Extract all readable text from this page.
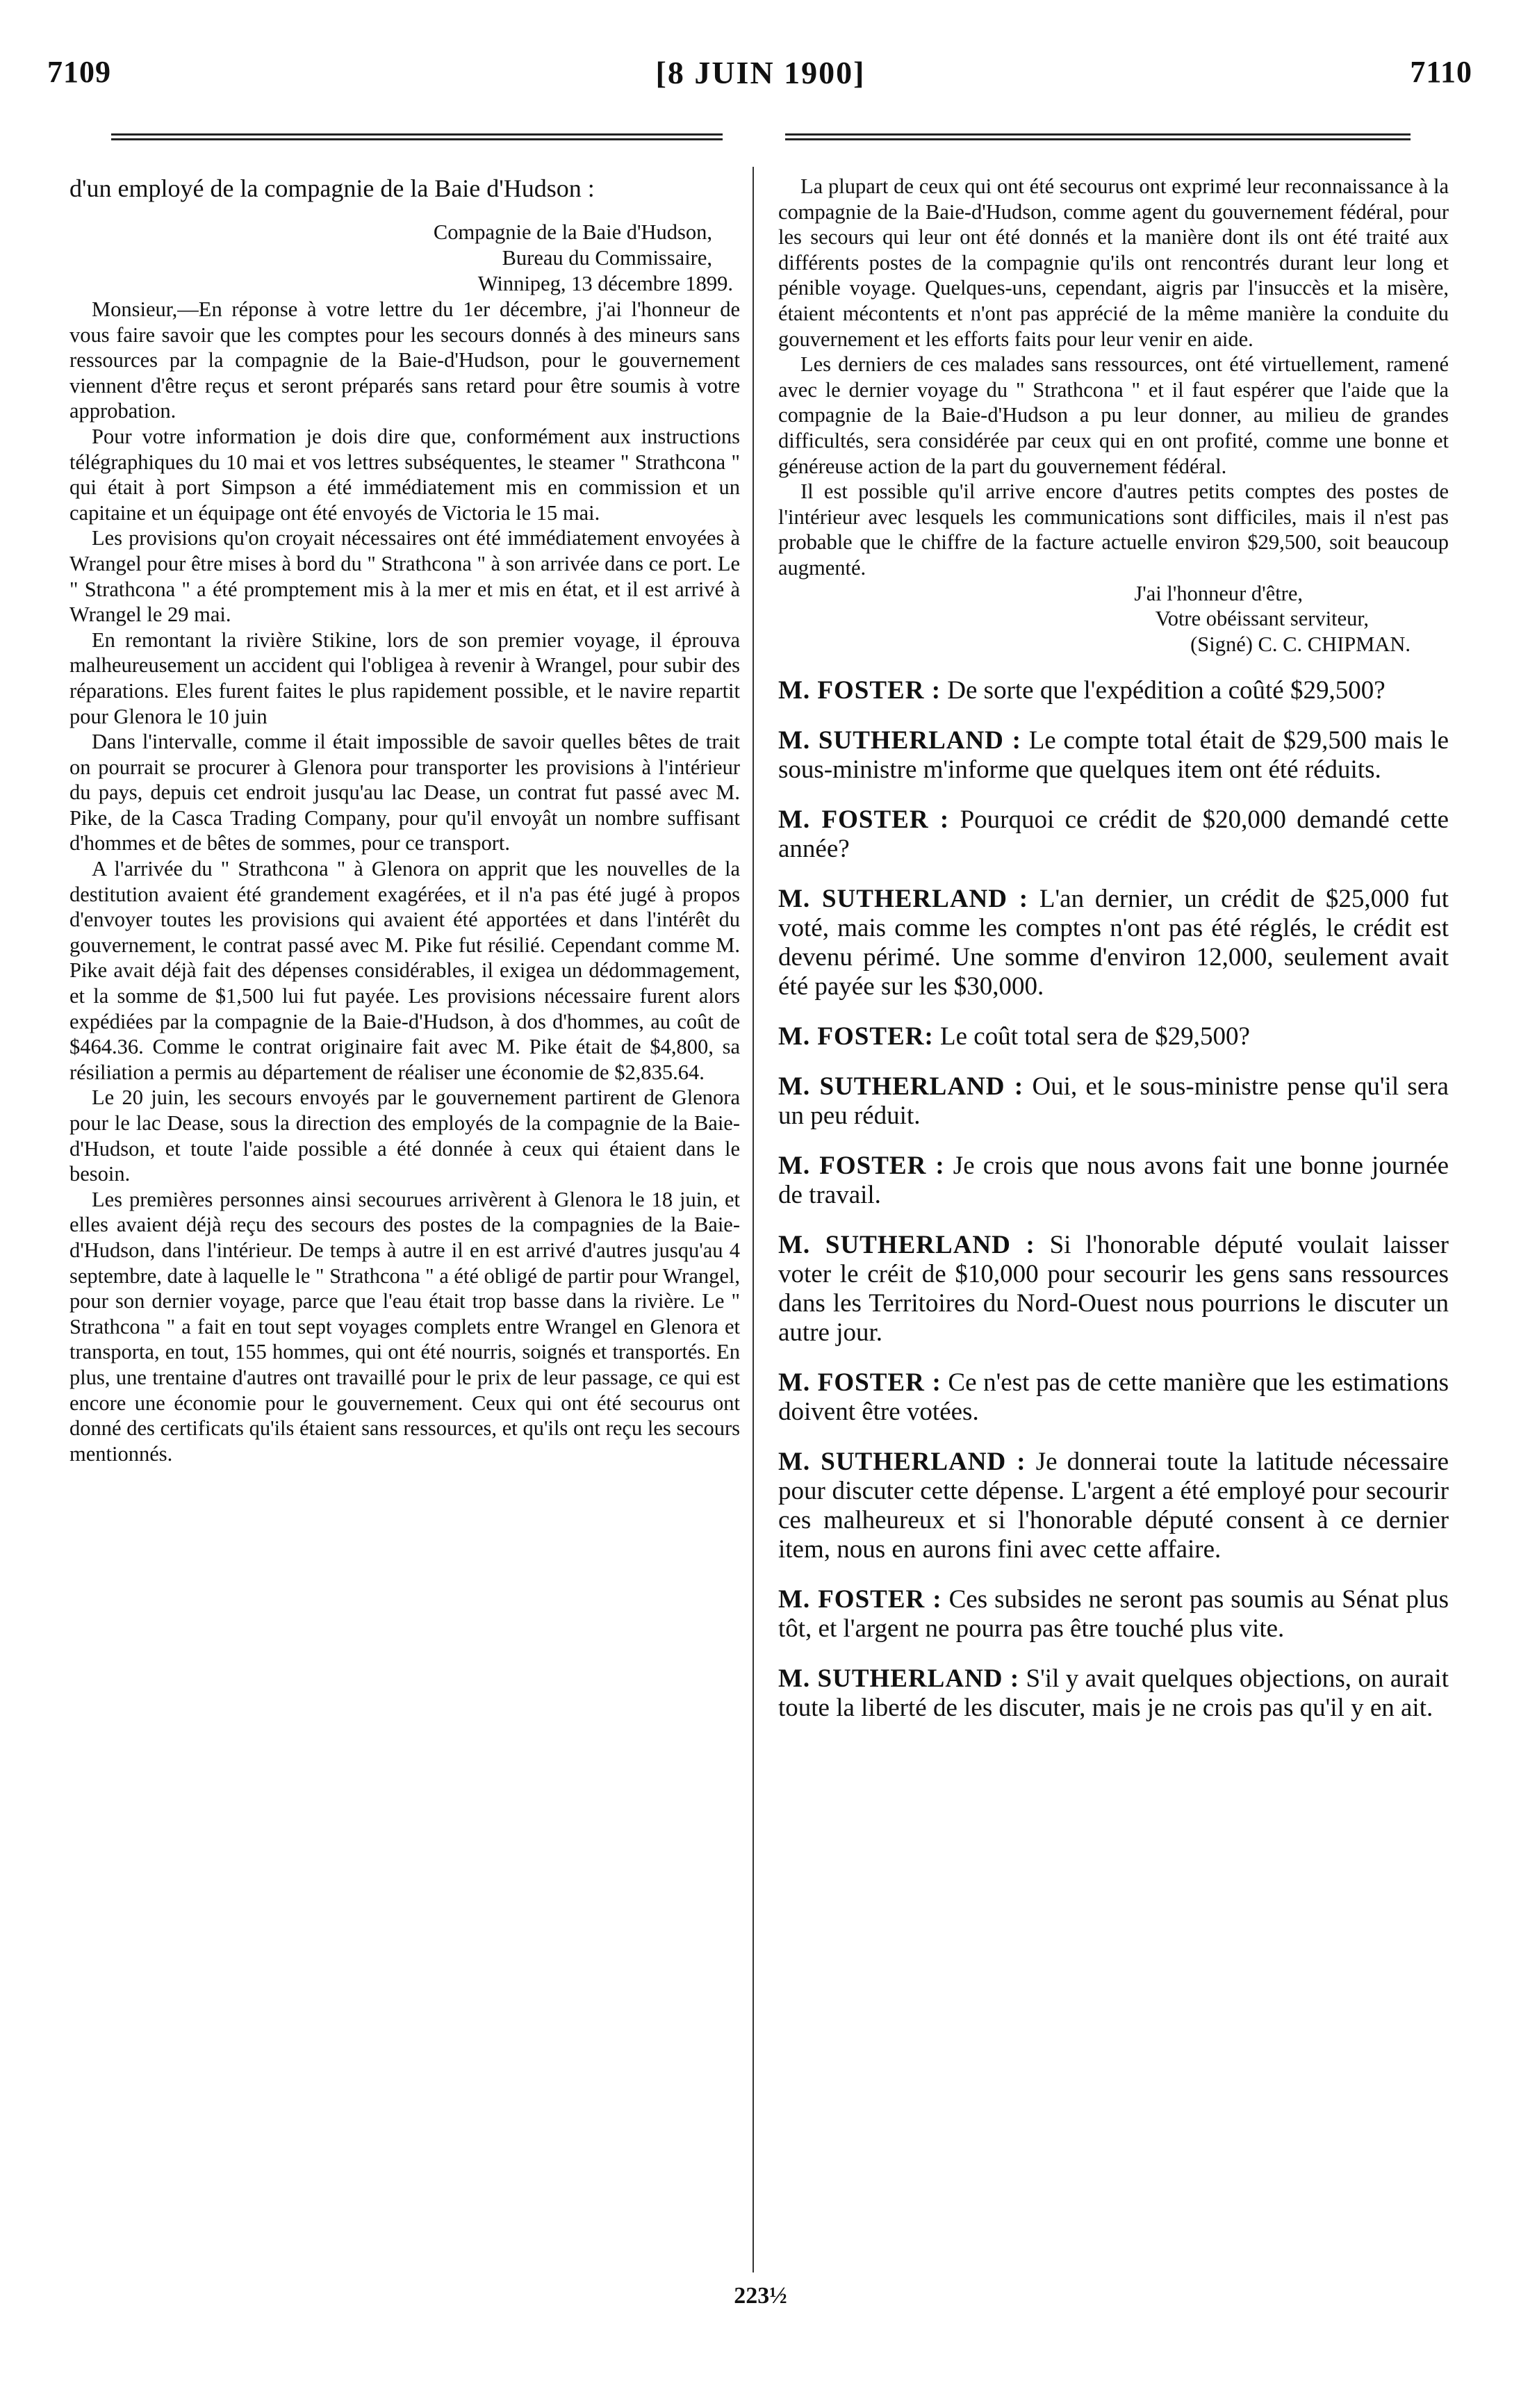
7109	[8 JUIN 1900]	7110

d'un employé de la compagnie de la Baie d'Hudson :

Compagnie de la Baie d'Hudson,

Bureau du Commissaire,

Winnipeg, 13 décembre 1899.

Monsieur,—En réponse à votre lettre du 1er décembre, j'ai l'honneur de vous faire savoir que les comptes pour les secours donnés à des mineurs sans ressources par la compagnie de la Baie-d'Hudson, pour le gouvernement viennent d'être reçus et seront préparés sans retard pour être soumis à votre approbation.

Pour votre information je dois dire que, conformément aux instructions télégraphiques du 10 mai et vos lettres subséquentes, le steamer " Strathcona " qui était à port Simpson a été immédiatement mis en commission et un capitaine et un équipage ont été envoyés de Victoria le 15 mai.

Les provisions qu'on croyait nécessaires ont été immédiatement envoyées à Wrangel pour être mises à bord du " Strathcona " à son arrivée dans ce port. Le " Strathcona " a été promptement mis à la mer et mis en état, et il est arrivé à Wrangel le 29 mai.

En remontant la rivière Stikine, lors de son premier voyage, il éprouva malheureusement un accident qui l'obligea à revenir à Wrangel, pour subir des réparations. Eles furent faites le plus rapidement possible, et le navire repartit pour Glenora le 10 juin

Dans l'intervalle, comme il était impossible de savoir quelles bêtes de trait on pourrait se procurer à Glenora pour transporter les provisions à l'intérieur du pays, depuis cet endroit jusqu'au lac Dease, un contrat fut passé avec M. Pike, de la Casca Trading Company, pour qu'il envoyât un nombre suffisant d'hommes et de bêtes de sommes, pour ce transport.

A l'arrivée du " Strathcona " à Glenora on apprit que les nouvelles de la destitution avaient été grandement exagérées, et il n'a pas été jugé à propos d'envoyer toutes les provisions qui avaient été apportées et dans l'intérêt du gouvernement, le contrat passé avec M. Pike fut résilié. Cependant comme M. Pike avait déjà fait des dépenses considérables, il exigea un dédommagement, et la somme de $1,500 lui fut payée. Les provisions nécessaire furent alors expédiées par la compagnie de la Baie-d'Hudson, à dos d'hommes, au coût de $464.36. Comme le contrat originaire fait avec M. Pike était de $4,800, sa résiliation a permis au département de réaliser une économie de $2,835.64.

Le 20 juin, les secours envoyés par le gouvernement partirent de Glenora pour le lac Dease, sous la direction des employés de la compagnie de la Baie-d'Hudson, et toute l'aide possible a été donnée à ceux qui étaient dans le besoin.

Les premières personnes ainsi secourues arrivèrent à Glenora le 18 juin, et elles avaient déjà reçu des secours des postes de la compagnies de la Baie-d'Hudson, dans l'intérieur. De temps à autre il en est arrivé d'autres jusqu'au 4 septembre, date à laquelle le " Strathcona " a été obligé de partir pour Wrangel, pour son dernier voyage, parce que l'eau était trop basse dans la rivière. Le " Strathcona " a fait en tout sept voyages complets entre Wrangel en Glenora et transporta, en tout, 155 hommes, qui ont été nourris, soignés et transportés. En plus, une trentaine d'autres ont travaillé pour le prix de leur passage, ce qui est encore une économie pour le gouvernement. Ceux qui ont été secourus ont donné des certificats qu'ils étaient sans ressources, et qu'ils ont reçu les secours mentionnés.

La plupart de ceux qui ont été secourus ont exprimé leur reconnaissance à la compagnie de la Baie-d'Hudson, comme agent du gouvernement fédéral, pour les secours qui leur ont été donnés et la manière dont ils ont été traité aux différents postes de la compagnie qu'ils ont rencontrés durant leur long et pénible voyage. Quelques-uns, cependant, aigris par l'insuccès et la misère, étaient mécontents et n'ont pas apprécié de la même manière la conduite du gouvernement et les efforts faits pour leur venir en aide.

Les derniers de ces malades sans ressources, ont été virtuellement, ramené avec le dernier voyage du " Strathcona " et il faut espérer que l'aide que la compagnie de la Baie-d'Hudson a pu leur donner, au milieu de grandes difficultés, sera considérée par ceux qui en ont profité, comme une bonne et généreuse action de la part du gouvernement fédéral.

Il est possible qu'il arrive encore d'autres petits comptes des postes de l'intérieur avec lesquels les communications sont difficiles, mais il n'est pas probable que le chiffre de la facture actuelle environ $29,500, soit beaucoup augmenté.

J'ai l'honneur d'être,

Votre obéissant serviteur,

(Signé) C. C. CHIPMAN.

M. FOSTER : De sorte que l'expédition a coûté $29,500?

M. SUTHERLAND : Le compte total était de $29,500 mais le sous-ministre m'informe que quelques item ont été réduits.

M. FOSTER : Pourquoi ce crédit de $20,000 demandé cette année?

M. SUTHERLAND : L'an dernier, un crédit de $25,000 fut voté, mais comme les comptes n'ont pas été réglés, le crédit est devenu périmé. Une somme d'environ 12,000, seulement avait été payée sur les $30,000.

M. FOSTER: Le coût total sera de $29,500?

M. SUTHERLAND : Oui, et le sous-ministre pense qu'il sera un peu réduit.

M. FOSTER : Je crois que nous avons fait une bonne journée de travail.

M. SUTHERLAND : Si l'honorable député voulait laisser voter le créit de $10,000 pour secourir les gens sans ressources dans les Territoires du Nord-Ouest nous pourrions le discuter un autre jour.

M. FOSTER : Ce n'est pas de cette manière que les estimations doivent être votées.

M. SUTHERLAND : Je donnerai toute la latitude nécessaire pour discuter cette dépense. L'argent a été employé pour secourir ces malheureux et si l'honorable député consent à ce dernier item, nous en aurons fini avec cette affaire.

M. FOSTER : Ces subsides ne seront pas soumis au Sénat plus tôt, et l'argent ne pourra pas être touché plus vite.

M. SUTHERLAND : S'il y avait quelques objections, on aurait toute la liberté de les discuter, mais je ne crois pas qu'il y en ait.

223½
